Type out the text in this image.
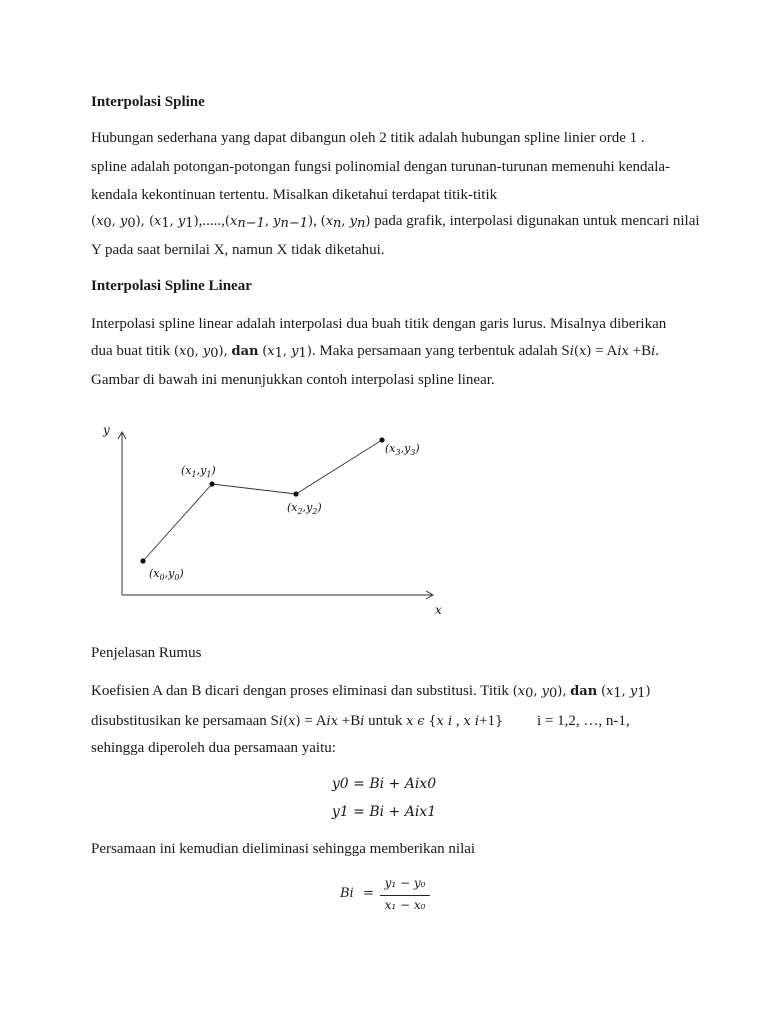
Interpolasi Spline
Hubungan sederhana yang dapat dibangun oleh 2 titik adalah hubungan spline linier orde 1 .
spline adalah potongan-potongan fungsi polinomial dengan turunan-turunan memenuhi kendala-
kendala kekontinuan tertentu. Misalkan diketahui terdapat titik-titik
($x_0$, $y_0$), ($x_1$, $y_1),.....,(x_{n-1}$, $y_{n-1}$), ($x_n$, $y_n$) pada grafik, interpolasi digunakan untuk mencari nilai
Y pada saat bernilai X, namun X tidak diketahui.
Interpolasi Spline Linear
Interpolasi spline linear adalah interpolasi dua buah titik dengan garis lurus. Misalnya diberikan
dua buat titik ($x_0$, $y_0$), dan ($x_1$, $y_1$). Maka persamaan yang terbentuk adalah Si(x) = Aix +Bi.
Gambar di bawah ini menunjukkan contoh interpolasi spline linear.
y
x
$(x_0,y_0)$
$(x_1,y_1)$
$(x_2,y_2)$
$(x_3,y_3)$
Penjelasan Rumus
Koefisien A dan B dicari dengan proses eliminasi dan substitusi. Titik ($x_0$, $y_0$), dan ($x_1$, $y_1$)
disubstitusikan ke persamaan Si(x) = Aix +Bi untuk x ϵ {x i , x i+1} i = 1,2, …, n-1,
sehingga diperoleh dua persamaan yaitu:
y0 = Bi + Aix0
y1 = Bi + Aix1
Persamaan ini kemudian dieliminasi sehingga memberikan nilai
Bi =
y₁ − y₀
x₁ − x₀
